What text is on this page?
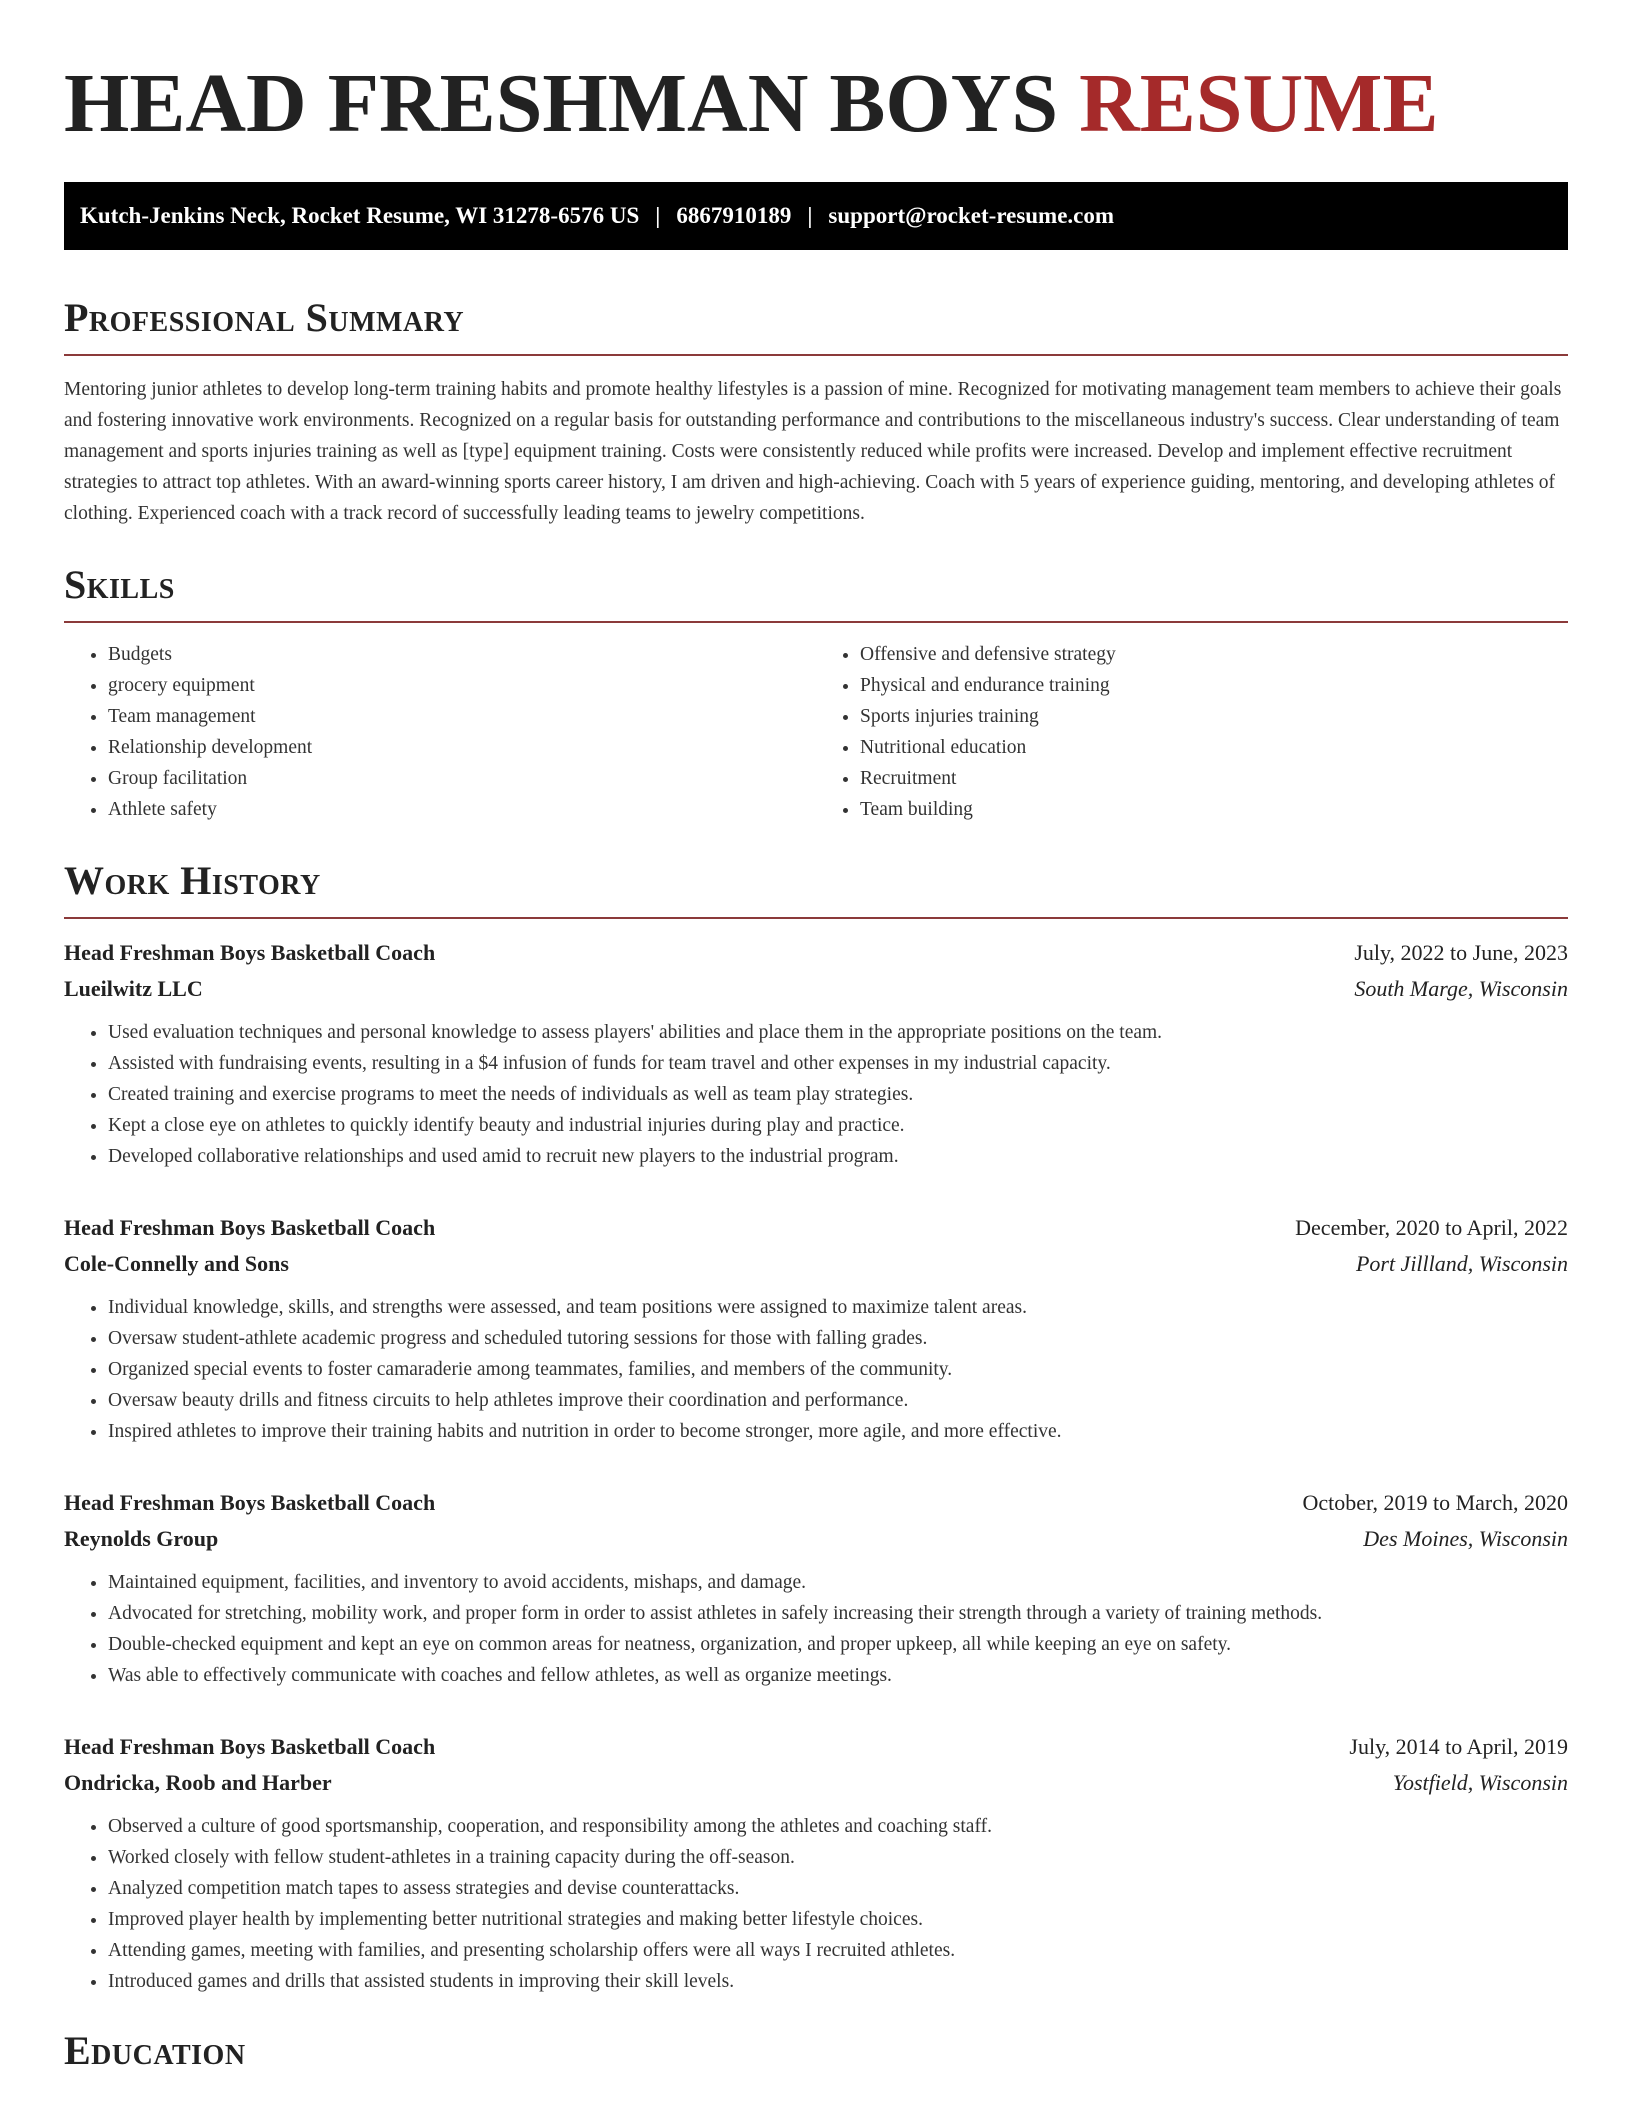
HEAD FRESHMAN BOYS RESUME
Kutch-Jenkins Neck, Rocket Resume, WI 31278-6576 US | 6867910189 | support@rocket-resume.com
Professional Summary

Mentoring junior athletes to develop long-term training habits and promote healthy lifestyles is a passion of mine. Recognized for motivating management team members to achieve their goals and fostering innovative work environments. Recognized on a regular basis for outstanding performance and contributions to the miscellaneous industry's success. Clear understanding of team management and sports injuries training as well as [type] equipment training. Costs were consistently reduced while profits were increased. Develop and implement effective recruitment strategies to attract top athletes. With an award-winning sports career history, I am driven and high-achieving. Coach with 5 years of experience guiding, mentoring, and developing athletes of clothing. Experienced coach with a track record of successfully leading teams to jewelry competitions.

Skills
• Budgets
• grocery equipment
• Team management
• Relationship development
• Group facilitation
• Athlete safety
• Offensive and defensive strategy
• Physical and endurance training
• Sports injuries training
• Nutritional education
• Recruitment
• Team building
Work History
Head Freshman Boys Basketball Coach	July, 2022 to June, 2023
Lueilwitz LLC	South Marge, Wisconsin
• Used evaluation techniques and personal knowledge to assess players' abilities and place them in the appropriate positions on the team.
• Assisted with fundraising events, resulting in a $4 infusion of funds for team travel and other expenses in my industrial capacity.
• Created training and exercise programs to meet the needs of individuals as well as team play strategies.
• Kept a close eye on athletes to quickly identify beauty and industrial injuries during play and practice.
• Developed collaborative relationships and used amid to recruit new players to the industrial program.
Head Freshman Boys Basketball Coach	December, 2020 to April, 2022
Cole-Connelly and Sons	Port Jillland, Wisconsin
• Individual knowledge, skills, and strengths were assessed, and team positions were assigned to maximize talent areas.
• Oversaw student-athlete academic progress and scheduled tutoring sessions for those with falling grades.
• Organized special events to foster camaraderie among teammates, families, and members of the community.
• Oversaw beauty drills and fitness circuits to help athletes improve their coordination and performance.
• Inspired athletes to improve their training habits and nutrition in order to become stronger, more agile, and more effective.
Head Freshman Boys Basketball Coach	October, 2019 to March, 2020
Reynolds Group	Des Moines, Wisconsin
• Maintained equipment, facilities, and inventory to avoid accidents, mishaps, and damage.
• Advocated for stretching, mobility work, and proper form in order to assist athletes in safely increasing their strength through a variety of training methods.
• Double-checked equipment and kept an eye on common areas for neatness, organization, and proper upkeep, all while keeping an eye on safety.
• Was able to effectively communicate with coaches and fellow athletes, as well as organize meetings.
Head Freshman Boys Basketball Coach	July, 2014 to April, 2019
Ondricka, Roob and Harber	Yostfield, Wisconsin
• Observed a culture of good sportsmanship, cooperation, and responsibility among the athletes and coaching staff.
• Worked closely with fellow student-athletes in a training capacity during the off-season.
• Analyzed competition match tapes to assess strategies and devise counterattacks.
• Improved player health by implementing better nutritional strategies and making better lifestyle choices.
• Attending games, meeting with families, and presenting scholarship offers were all ways I recruited athletes.
• Introduced games and drills that assisted students in improving their skill levels.
Education
